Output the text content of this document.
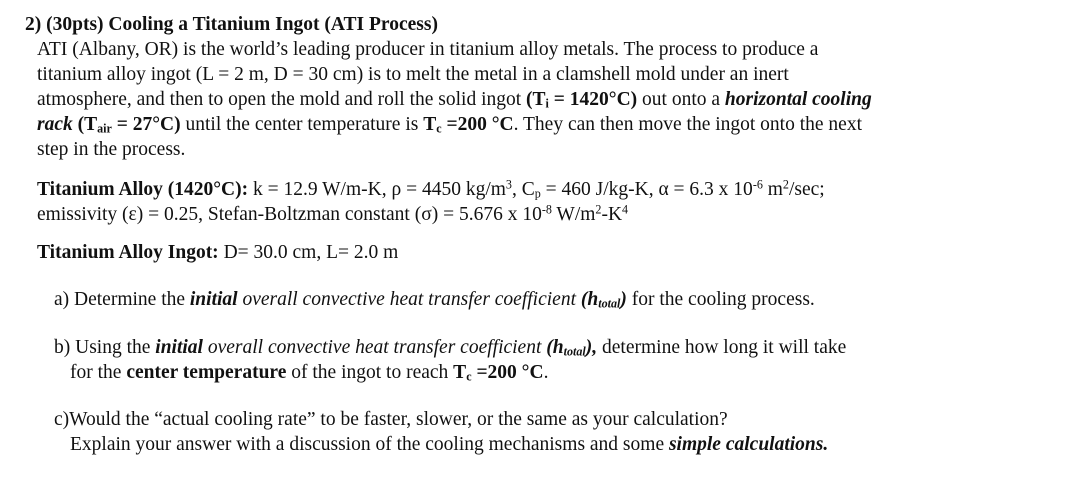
2) (30pts) Cooling a Titanium Ingot (ATI Process)
ATI (Albany, OR) is the world’s leading producer in titanium alloy metals. The process to produce a
titanium alloy ingot (L = 2 m, D = 30 cm) is to melt the metal in a clamshell mold under an inert
atmosphere, and then to open the mold and roll the solid ingot $(T_i = 1420^\circ C)$ out onto a horizontal cooling
rack $(T_{air} = 27^\circ C)$ until the center temperature is $T_c =200$ °C. They can then move the ingot onto the next
step in the process.
Titanium Alloy (1420°C): k = 12.9 W/m-K, ρ = 4450 $kg/m^3$, $C_p = 460$ J/kg-K, α = 6.3 x $10^{-6}$ $m^2/\sec$;
emissivity (ε) = 0.25, Stefan-Boltzman constant (σ) = 5.676 x $10^{-8}$ $W/m^2-K^4$
Titanium Alloy Ingot: D= 30.0 cm, L= 2.0 m
a) Determine the initial overall convective heat transfer coefficient $(h_{total})$ for the cooling process.
b) Using the initial overall convective heat transfer coefficient $(h_{total})$, determine how long it will take
for the center temperature of the ingot to reach $T_c =200$ °C.
c)Would the “actual cooling rate” to be faster, slower, or the same as your calculation?
Explain your answer with a discussion of the cooling mechanisms and some simple calculations.
